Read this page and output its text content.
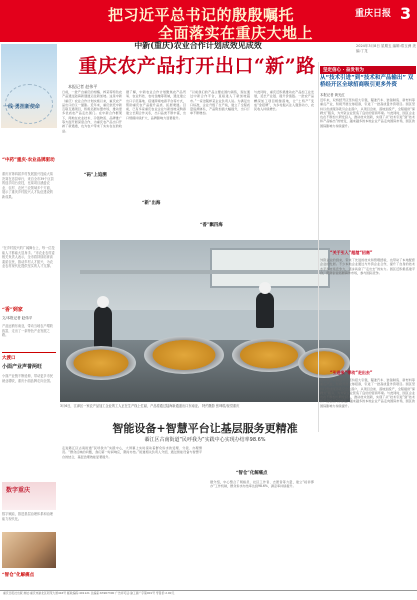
把习近平总书记的殷殷嘱托
全面落实在重庆大地上
重庆日报 3
2024年3月8日 星期五 编辑:郑玉洲 美编:丁龙
一线·勇担新使命
“中药”重庆·农业品牌驱动
重庆市第四届乡村发展振兴技能大赛决赛在忠县举行，来自全市39个区县的选手同台竞技，比赛项目涵盖农业、农村、农民三农领域多个方面，展示了重庆乡村振兴人才队伍建设的新成果。
“在乡村振兴的广阔舞台上，每一位技能人才都能大显身手。”市农业农村委相关负责人表示，全市将持续培育高素质农民，推动乡村人才振兴，为农业农村现代化提供坚实的人才支撑。
“香”到家
文/本报记者 赵伟平
产品远销东南亚，带动当地农户增收致富，走出了一条特色产业发展之路。
大渡口
小面产业声誉两旺
小面产业链不断延伸，带动更多市民就业增收，重庆小面品牌走向全国。
数字重庆
数字赋能，推进基层治理体系和治理能力现代化。
“智仓”化解痛点
中新(重庆)农业合作计划成效见成效
重庆农产品打开出口“新”路
本报记者 赵伟平
日前，一批产自重庆的柑橘、榨菜等特色农产品通过陆海新通道运往新加坡。这是中新（重庆）农业合作计划实施以来，重庆农产品出口的又一缩影。近年来，重庆依托中新互联互通项目，积极拓展东盟市场，推动更多优质农产品走出国门。在中新合作框架下，两地在农业技术、冷链物流、品牌推广等方面开展深度合作，为重庆农产品出口开辟了新通道，也为农户带来了实实在在的收益。
“码”上追溯
据了解，中新农业合作计划聚焦农产品贸易、农业科技、农村金融等领域，通过建立出口示范基地、搭建跨境电商平台等方式，帮助重庆农产品提升品质、拓展渠道。目前，已有多家重庆农业企业与新加坡采购商建立长期合作关系，出口品类不断丰富，出口规模持续扩大，品牌影响力显著提升。
“新”出海
“以前我们的产品主要在国内销售，现在通过中新合作平台，直接进入了新加坡超市。”一家涪陵榨菜企业负责人说。为满足出口标准，企业升级了生产线，建立了全程质量追溯体系，产品附加值大幅提升，出口订单不断增加。
“香”飘四海
与此同时，重庆还积极推动农产品加工业发展，延长产业链、提升价值链。一批农产品精深加工项目相继落地，让“土特产”变成“金招牌”，为乡村振兴注入强劲动力，农民收入持续增长。
3月6日，江津区一家农产品加工企业的工人正在生产线上忙碌，产品将通过陆海新通道出口东南亚。 特约摄影 张坤琨/视觉重庆
智能设备+智慧平台让基层服务更精准
綦江区古南街道“民呼我为”实践中心实现办结率98.6%
走进綦江区古南街道“民呼我为”实践中心，大屏幕上实时滚动着群众诉求的受理、分派、办理情况。“群众反映的问题，我们第一时间响应，限时办结。”街道相关负责人介绍，通过智能设备与智慧平台的结合，基层治理效能显著提升。
“智仓”化解痛点
据介绍，中心整合了网格员、社区工作者、志愿者等力量，建立“接诉即办”工作机制，群众诉求办结率达到98.6%，满意率持续提升。
坚定信心 · 奋发有为
从“技术引进”到“技术和产品输出” 双桥经开区全球招商吸引更多外资
本报记者 黄光红
近年来，双桥经开区坚持招大引强，瞄准汽车、装备制造、新材料等重点产业，积极开展全球招商，引进了一批高质量外资项目。园区坚持以优质服务吸引企业落户，从项目洽谈、落地到投产，全程提供“保姆式”服务，为外资企业营造了良好的营商环境。与此同时，园区企业也在不断加大研发投入，推动技术创新，实现了从“技术引进”到“技术和产品输出”的转变，越来越多的本地企业产品走向国际市场，园区的国际影响力持续提升。
“关于引入”超越“招商”
外资企业的到来，带来了先进的技术和管理经验，也带动了本地配套企业的发展。不少本地企业通过与外资企业合作，提升了自身的技术水平和市场竞争力，逐步具备了“走出去”的实力。园区还积极搭建平台，帮助企业拓展海外市场，参与国际竞争。
“引进来”带动“走出去”
近年来，双桥经开区坚持招大引强，瞄准汽车、装备制造、新材料等重点产业，积极开展全球招商，引进了一批高质量外资项目。园区坚持以优质服务吸引企业落户，从项目洽谈、落地到投产，全程提供“保姆式”服务，为外资企业营造了良好的营商环境。与此同时，园区企业也在不断加大研发投入，推动技术创新，实现了从“技术引进”到“技术和产品输出”的转变，越来越多的本地企业产品走向国际市场，园区的国际影响力持续提升。
重庆日报社出版 地址:重庆市渝北区同茂大道416号 邮政编码:401121 总编室:63907300 广告许可证:渝工商广字第001号 零售价:2.00元
